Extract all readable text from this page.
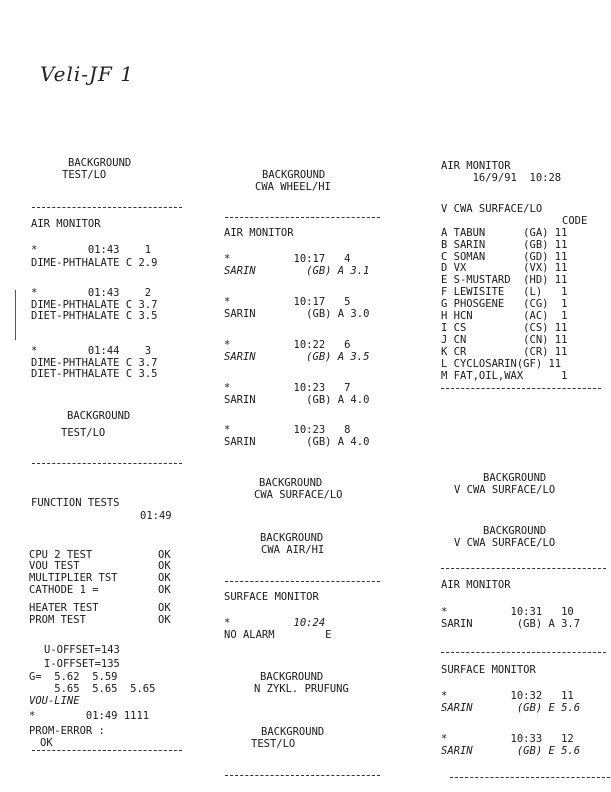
Veli-JF 1
BACKGROUND
TEST/LO
AIR MONITOR
*        01:43    1
DIME-PHTHALATE C 2.9
*        01:43    2
DIME-PHTHALATE C 3.7
DIET-PHTHALATE C 3.5
*        01:44    3
DIME-PHTHALATE C 3.7
DIET-PHTHALATE C 3.5
BACKGROUND
TEST/LO
FUNCTION TESTS
01:49
CPU 2 TEST	OK
VOU TEST	OK
MULTIPLIER TST	OK
CATHODE 1 =	OK
HEATER TEST	OK
PROM TEST	OK
U-OFFSET=143
I-OFFSET=135
G=  5.62  5.59
5.65  5.65  5.65
VOU-LINE
*        01:49 1111
PROM-ERROR :
OK
BACKGROUND
CWA WHEEL/HI
AIR MONITOR
*          10:17   4
SARIN        (GB) A 3.1
*          10:17   5
SARIN        (GB) A 3.0
*          10:22   6
SARIN        (GB) A 3.5
*          10:23   7
SARIN        (GB) A 4.0
*          10:23   8
SARIN        (GB) A 4.0
BACKGROUND
CWA SURFACE/LO
BACKGROUND
CWA AIR/HI
SURFACE MONITOR
*          10:24
NO ALARM        E
BACKGROUND
N ZYKL. PRUFUNG
BACKGROUND
TEST/LO
AIR MONITOR
16/9/91  10:28
V CWA SURFACE/LO
CODE
A TABUN      (GA) 11
B SARIN      (GB) 11
C SOMAN      (GD) 11
D VX         (VX) 11
E S-MUSTARD  (HD) 11
F LEWISITE   (L)   1
G PHOSGENE   (CG)  1
H HCN        (AC)  1
I CS         (CS) 11
J CN         (CN) 11
K CR         (CR) 11
L CYCLOSARIN(GF) 11
M FAT,OIL,WAX      1
BACKGROUND
V CWA SURFACE/LO
BACKGROUND
V CWA SURFACE/LO
AIR MONITOR
*          10:31   10
SARIN       (GB) A 3.7
SURFACE MONITOR
*          10:32   11
SARIN       (GB) E 5.6
*          10:33   12
SARIN       (GB) E 5.6
